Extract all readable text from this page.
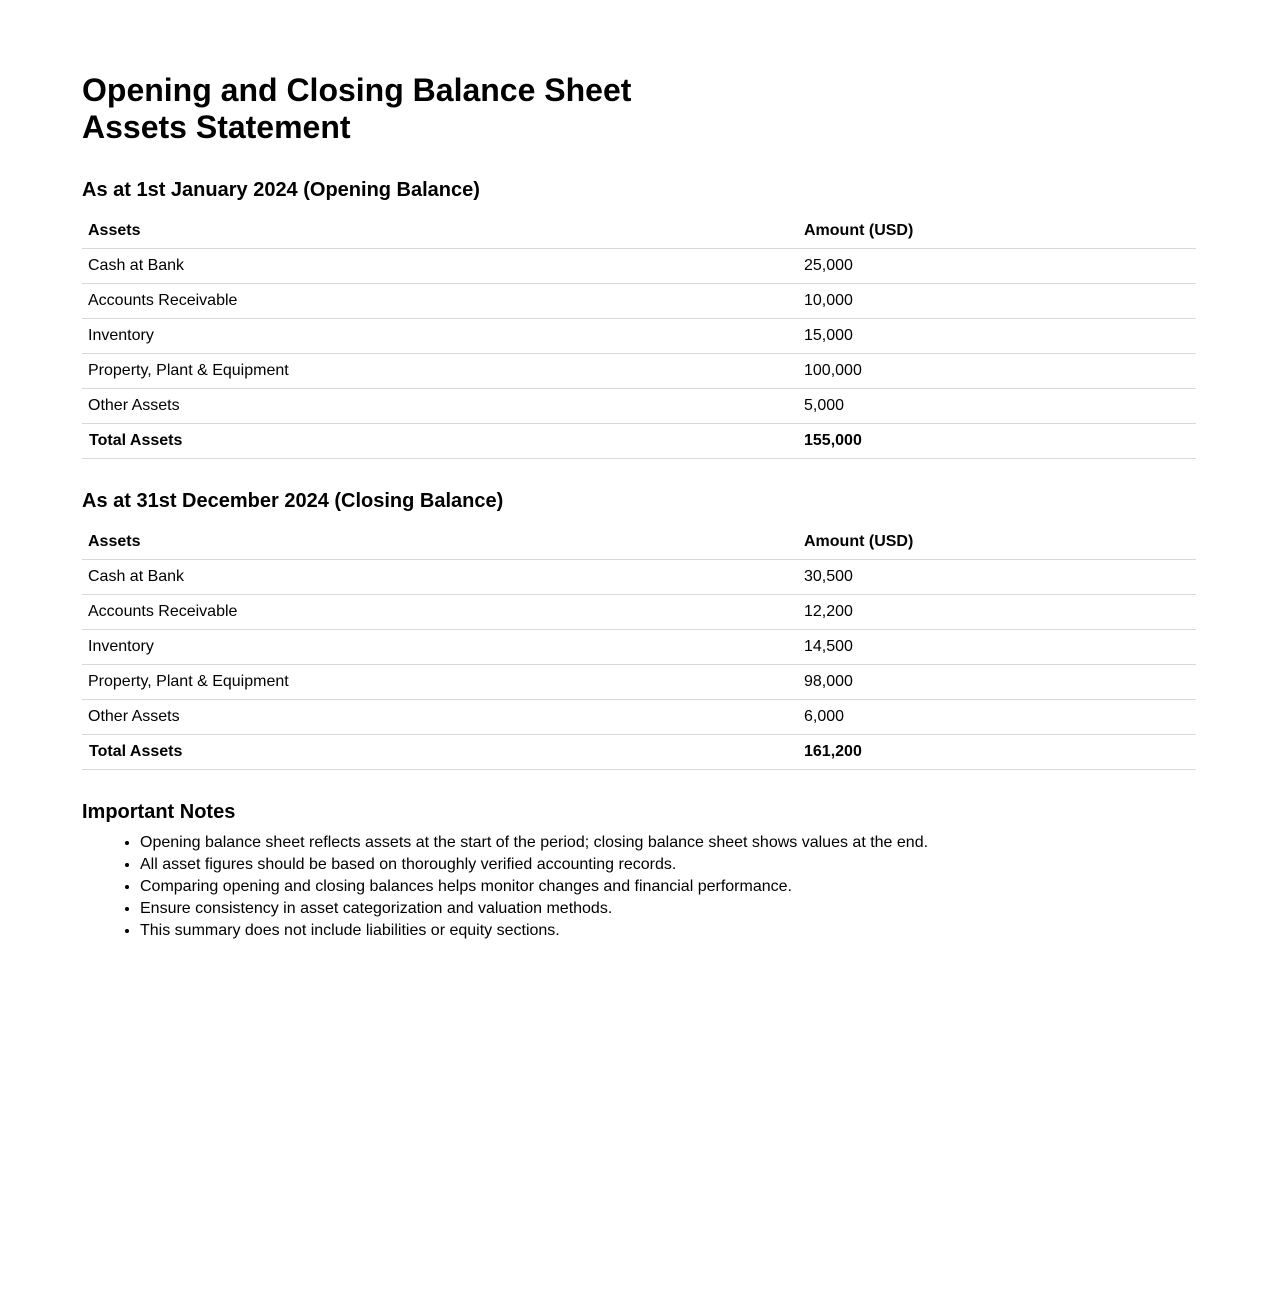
Opening and Closing Balance Sheet
Assets Statement
As at 1st January 2024 (Opening Balance)
Assets	Amount (USD)
Cash at Bank	25,000
Accounts Receivable	10,000
Inventory	15,000
Property, Plant & Equipment	100,000
Other Assets	5,000
Total Assets	155,000
As at 31st December 2024 (Closing Balance)
Assets	Amount (USD)
Cash at Bank	30,500
Accounts Receivable	12,200
Inventory	14,500
Property, Plant & Equipment	98,000
Other Assets	6,000
Total Assets	161,200
Important Notes
• Opening balance sheet reflects assets at the start of the period; closing balance sheet shows values at the end.
• All asset figures should be based on thoroughly verified accounting records.
• Comparing opening and closing balances helps monitor changes and financial performance.
• Ensure consistency in asset categorization and valuation methods.
• This summary does not include liabilities or equity sections.
